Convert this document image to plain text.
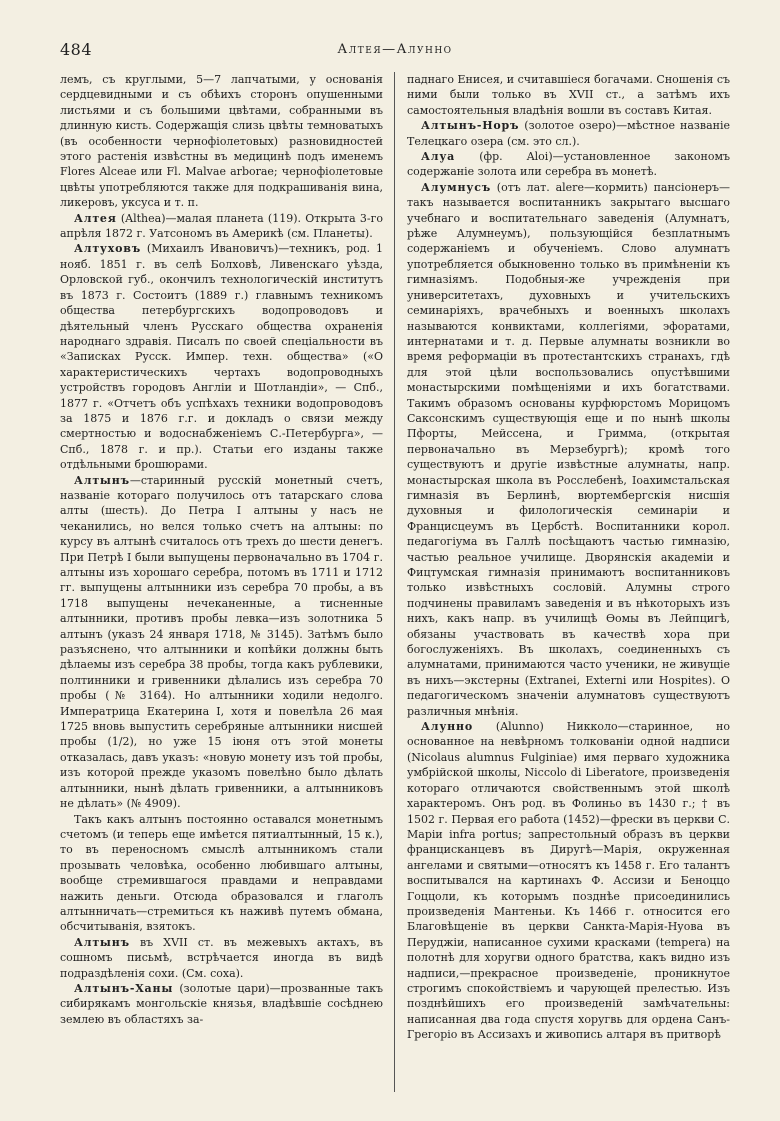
484	Алтея—Алунно

лемъ, съ круглыми, 5—7 лапчатыми, у основанія сердцевидными и съ обѣихъ сторонъ опушенными листьями и съ большими цвѣтами, собранными въ длинную кисть. Содержащія слизь цвѣты темноватыхъ (въ особенности чернофіолетовых) разновидностей этого растенія извѣстны въ медицинѣ подъ именемъ Flores Alceae или Fl. Malvae arborae; чернофіолетовые цвѣты употребляются также для подкрашиванія вина, ликеровъ, уксуса и т. п.

Алтея (Althea)—малая планета (119). Открыта 3-го апрѣля 1872 г. Уатсономъ въ Америкѣ (см. Планеты).

Алтуховъ (Михаилъ Ивановичъ)—техникъ, род. 1 нояб. 1851 г. въ селѣ Болховѣ, Ливенскаго уѣзда, Орловской губ., окончилъ технологическій институтъ въ 1873 г. Состоитъ (1889 г.) главнымъ техникомъ общества петербургскихъ водопроводовъ и дѣятельный членъ Русскаго общества охраненія народнаго здравія. Писалъ по своей спеціальности въ «Записках Русск. Импер. техн. общества» («О характеристическихъ чертахъ водопроводныхъ устройствъ городовъ Англіи и Шотландіи», — Спб., 1877 г. «Отчетъ объ успѣхахъ техники водопроводовъ за 1875 и 1876 г.г. и докладъ о связи между смертностью и водоснабженіемъ С.-Петербурга», — Спб., 1878 г. и пр.). Статьи его изданы также отдѣльными брошюрами.

Алтынъ—старинный русскій монетный счетъ, названіе котораго получилось отъ татарскаго слова алты (шесть). До Петра I алтыны у насъ не чеканились, но велся только счетъ на алтыны: по курсу въ алтынѣ считалось отъ трехъ до шести денегъ. При Петрѣ I были выпущены первоначально въ 1704 г. алтыны изъ хорошаго серебра, потомъ въ 1711 и 1712 гг. выпущены алтынники изъ серебра 70 пробы, а въ 1718 выпущены нечеканенные, а тисненные алтынники, противъ пробы левка—изъ золотника 5 алтынъ (указъ 24 января 1718, № 3145). Затѣмъ было разъяснено, что алтынники и копѣйки должны быть дѣлаемы изъ серебра 38 пробы, тогда какъ рублевики, полтинники и гривенники дѣлались изъ серебра 70 пробы (№ 3164). Но алтынники ходили недолго. Императрица Екатерина I, хотя и повелѣла 26 мая 1725 вновь выпустить серебряные алтынники нисшей пробы (1/2), но уже 15 іюня отъ этой монеты отказалась, давъ указъ: «новую монету изъ той пробы, изъ которой прежде указомъ повелѣно было дѣлать алтынники, нынѣ дѣлать гривенники, а алтынниковъ не дѣлать» (№ 4909).

Такъ какъ алтынъ постоянно оставался монетнымъ счетомъ (и теперь еще имѣется пятиалтынный, 15 к.), то въ переносномъ смыслѣ алтынникомъ стали прозывать человѣка, особенно любившаго алтыны, вообще стремившагося правдами и неправдами нажить деньги. Отсюда образовался и глаголъ алтынничать—стремиться къ наживѣ путемъ обмана, обсчитыванія, взятокъ.

Алтынъ въ XVII ст. въ межевыхъ актахъ, въ сошномъ письмѣ, встрѣчается иногда въ видѣ подраздѣленія сохи. (См. соха).

Алтынъ-Ханы (золотые цари)—прозванные такъ сибирякамъ монгольскіе князья, владѣвшіе сосѣднею землею въ областяхъ за-

паднаго Енисея, и считавшіеся богачами. Сношенія съ ними были только въ XVII ст., а затѣмъ ихъ самостоятельныя владѣнія вошли въ составъ Китая.

Алтынъ-Норъ (золотое озеро)—мѣстное названіе Телецкаго озера (см. это сл.).

Алуа (фр. Aloi)—установленное закономъ содержаніе золота или серебра въ монетѣ.

Алумнусъ (отъ лат. alere—кормить) пансіонеръ—такъ называется воспитанникъ закрытаго высшаго учебнаго и воспитательнаго заведенія (Алумнатъ, рѣже Алумнеумъ), пользующійся безплатнымъ содержаніемъ и обученіемъ. Слово алумнатъ употребляется обыкновенно только въ примѣненіи къ гимназіямъ. Подобныя-же учрежденія при университетахъ, духовныхъ и учительскихъ семинаріяхъ, врачебныхъ и военныхъ школахъ называются конвиктами, коллегіями, эфоратами, интернатами и т. д. Первые алумнаты возникли во время реформаціи въ протестантскихъ странахъ, гдѣ для этой цѣли воспользовались опустѣвшими монастырскими помѣщеніями и ихъ богатствами. Такимъ образомъ основаны курфюрстомъ Морицомъ Саксонскимъ существующія еще и по нынѣ школы Пфорты, Мейссена, и Гримма, (открытая первоначально въ Мерзебургѣ); кромѣ того существуютъ и другіе извѣстные алумнаты, напр. монастырская школа въ Росслебенѣ, Іоахимстальская гимназія въ Берлинѣ, вюртембергскія нисшія духовныя и филологическія семинаріи и Францисцеумъ въ Цербстѣ. Воспитанники корол. педагогіума въ Галлѣ посѣщаютъ частью гимназію, частью реальное училище. Дворянскія академіи и Фицтумская гимназія принимаютъ воспитанниковъ только извѣстныхъ сословій. Алумны строго подчинены правиламъ заведенія и въ нѣкоторыхъ изъ нихъ, какъ напр. въ училищѣ Ѳомы въ Лейпцигѣ, обязаны участвовать въ качествѣ хора при богослуженіяхъ. Въ школахъ, соединенныхъ съ алумнатами, принимаются часто ученики, не живущіе въ нихъ—экстерны (Extranei, Externi или Hospites). О педагогическомъ значеніи алумнатовъ существуютъ различныя мнѣнія.

Алунно (Alunno) Никколо—старинное, но основанное на невѣрномъ толкованіи одной надписи (Nicolaus alumnus Fulginiae) имя перваго художника умбрійской школы, Niccolo di Liberatore, произведенія котораго отличаются свойственнымъ этой школѣ характеромъ. Онъ род. въ Фолиньо въ 1430 г.; † въ 1502 г. Первая его работа (1452)—фрески въ церкви С. Маріи infra portus; запрестольный образъ въ церкви францисканцевъ въ Диругѣ—Марія, окруженная ангелами и святыми—относятъ къ 1458 г. Его талантъ воспитывался на картинахъ Ф. Ассизи и Беноццо Гоццоли, къ которымъ позднѣе присоединились произведенія Мантеньи. Къ 1466 г. относится его Благовѣщеніе въ церкви Санкта-Марія-Нуова въ Перуджіи, написанное сухими красками (tempera) на полотнѣ для хоругви одного братства, какъ видно изъ надписи,—прекрасное произведеніе, проникнутое строгимъ спокойствіемъ и чарующей прелестью. Изъ позднѣйшихъ его произведеній замѣчательны: написанная два года спустя хоругвь для ордена Санъ-Грегоріо въ Ассизахъ и живопись алтаря въ притворѣ
